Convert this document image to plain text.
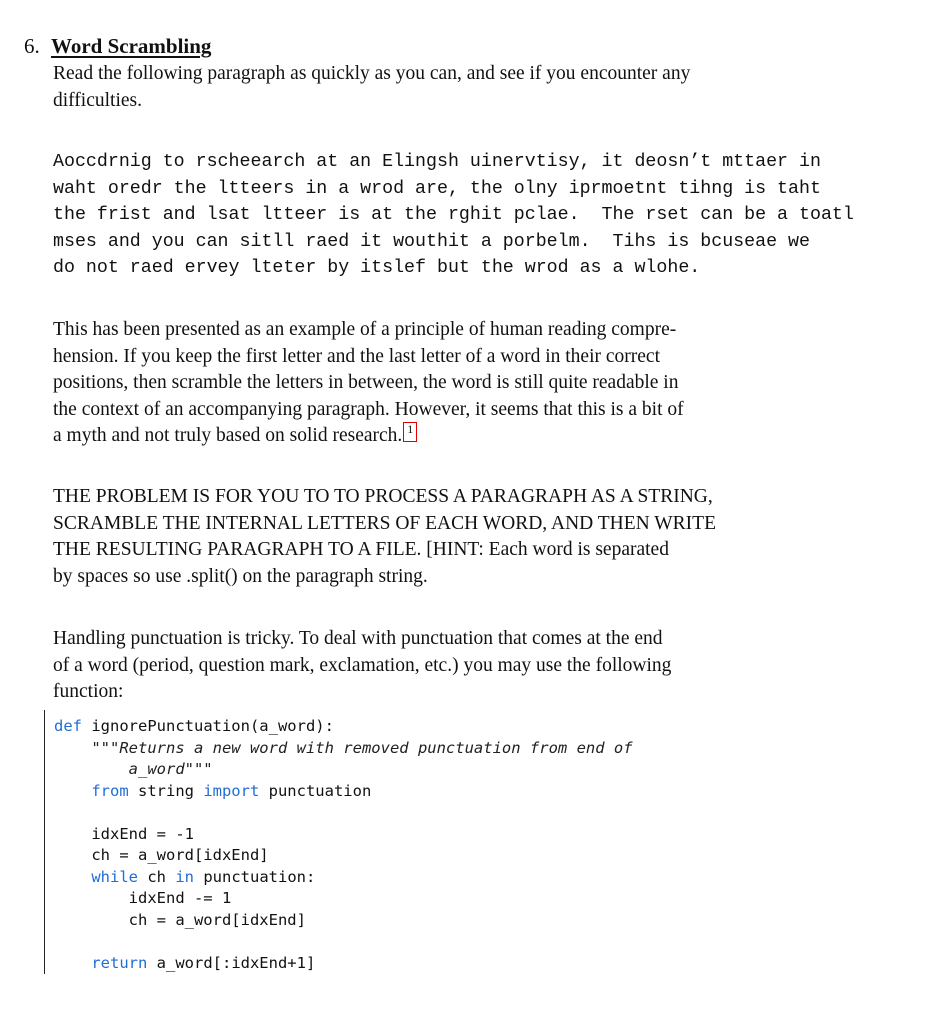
6. Word Scrambling
Read the following paragraph as quickly as you can, and see if you encounter any
difficulties.
Aoccdrnig to rscheearch at an Elingsh uinervtisy, it deosn’t mttaer in
waht oredr the ltteers in a wrod are, the olny iprmoetnt tihng is taht
the frist and lsat ltteer is at the rghit pclae.  The rset can be a toatl
mses and you can sitll raed it wouthit a porbelm.  Tihs is bcuseae we
do not raed ervey lteter by itslef but the wrod as a wlohe.
This has been presented as an example of a principle of human reading compre-
hension. If you keep the first letter and the last letter of a word in their correct
positions, then scramble the letters in between, the word is still quite readable in
the context of an accompanying paragraph. However, it seems that this is a bit of
a myth and not truly based on solid research. 1
THE PROBLEM IS FOR YOU TO TO PROCESS A PARAGRAPH AS A STRING,
SCRAMBLE THE INTERNAL LETTERS OF EACH WORD, AND THEN WRITE
THE RESULTING PARAGRAPH TO A FILE. [HINT: Each word is separated
by spaces so use .split() on the paragraph string.
Handling punctuation is tricky. To deal with punctuation that comes at the end
of a word (period, question mark, exclamation, etc.) you may use the following
function:
def ignorePunctuation(a_word):
"""Returns a new word with removed punctuation from end of
a_word"""
from string import punctuation
idxEnd = -1
ch = a_word[idxEnd]
while ch in punctuation:
idxEnd -= 1
ch = a_word[idxEnd]
return a_word[:idxEnd+1]
